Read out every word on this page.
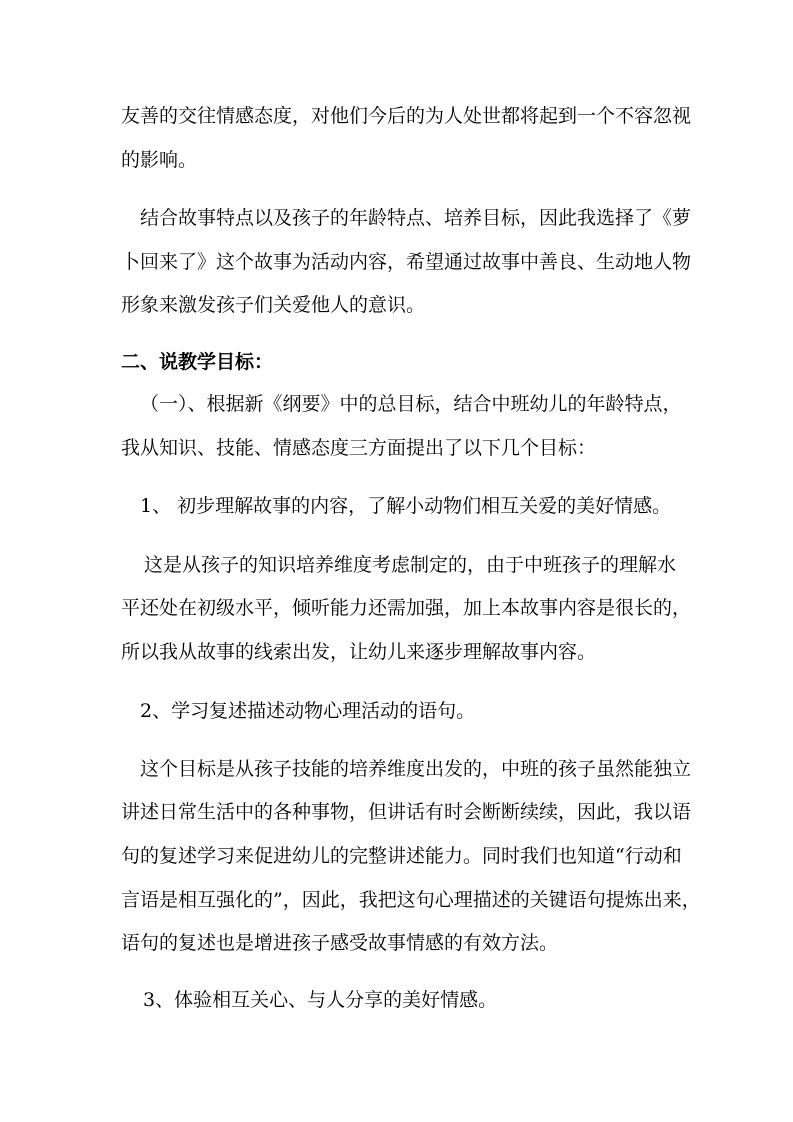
友善的交往情感态度，对他们今后的为人处世都将起到一个不容忽视
的影响。
结合故事特点以及孩子的年龄特点、培养目标，因此我选择了《萝
卜回来了》这个故事为活动内容，希望通过故事中善良、生动地人物
形象来激发孩子们关爱他人的意识。
二、说教学目标：
（一）、根据新《纲要》中的总目标，结合中班幼儿的年龄特点，
我从知识、技能、情感态度三方面提出了以下几个目标：
1、 初步理解故事的内容，了解小动物们相互关爱的美好情感。
这是从孩子的知识培养维度考虑制定的，由于中班孩子的理解水
平还处在初级水平，倾听能力还需加强，加上本故事内容是很长的，
所以我从故事的线索出发，让幼儿来逐步理解故事内容。
2、学习复述描述动物心理活动的语句。
这个目标是从孩子技能的培养维度出发的，中班的孩子虽然能独立
讲述日常生活中的各种事物，但讲话有时会断断续续，因此，我以语
句的复述学习来促进幼儿的完整讲述能力。同时我们也知道“行动和
言语是相互强化的”，因此，我把这句心理描述的关键语句提炼出来，
语句的复述也是增进孩子感受故事情感的有效方法。
3、体验相互关心、与人分享的美好情感。
